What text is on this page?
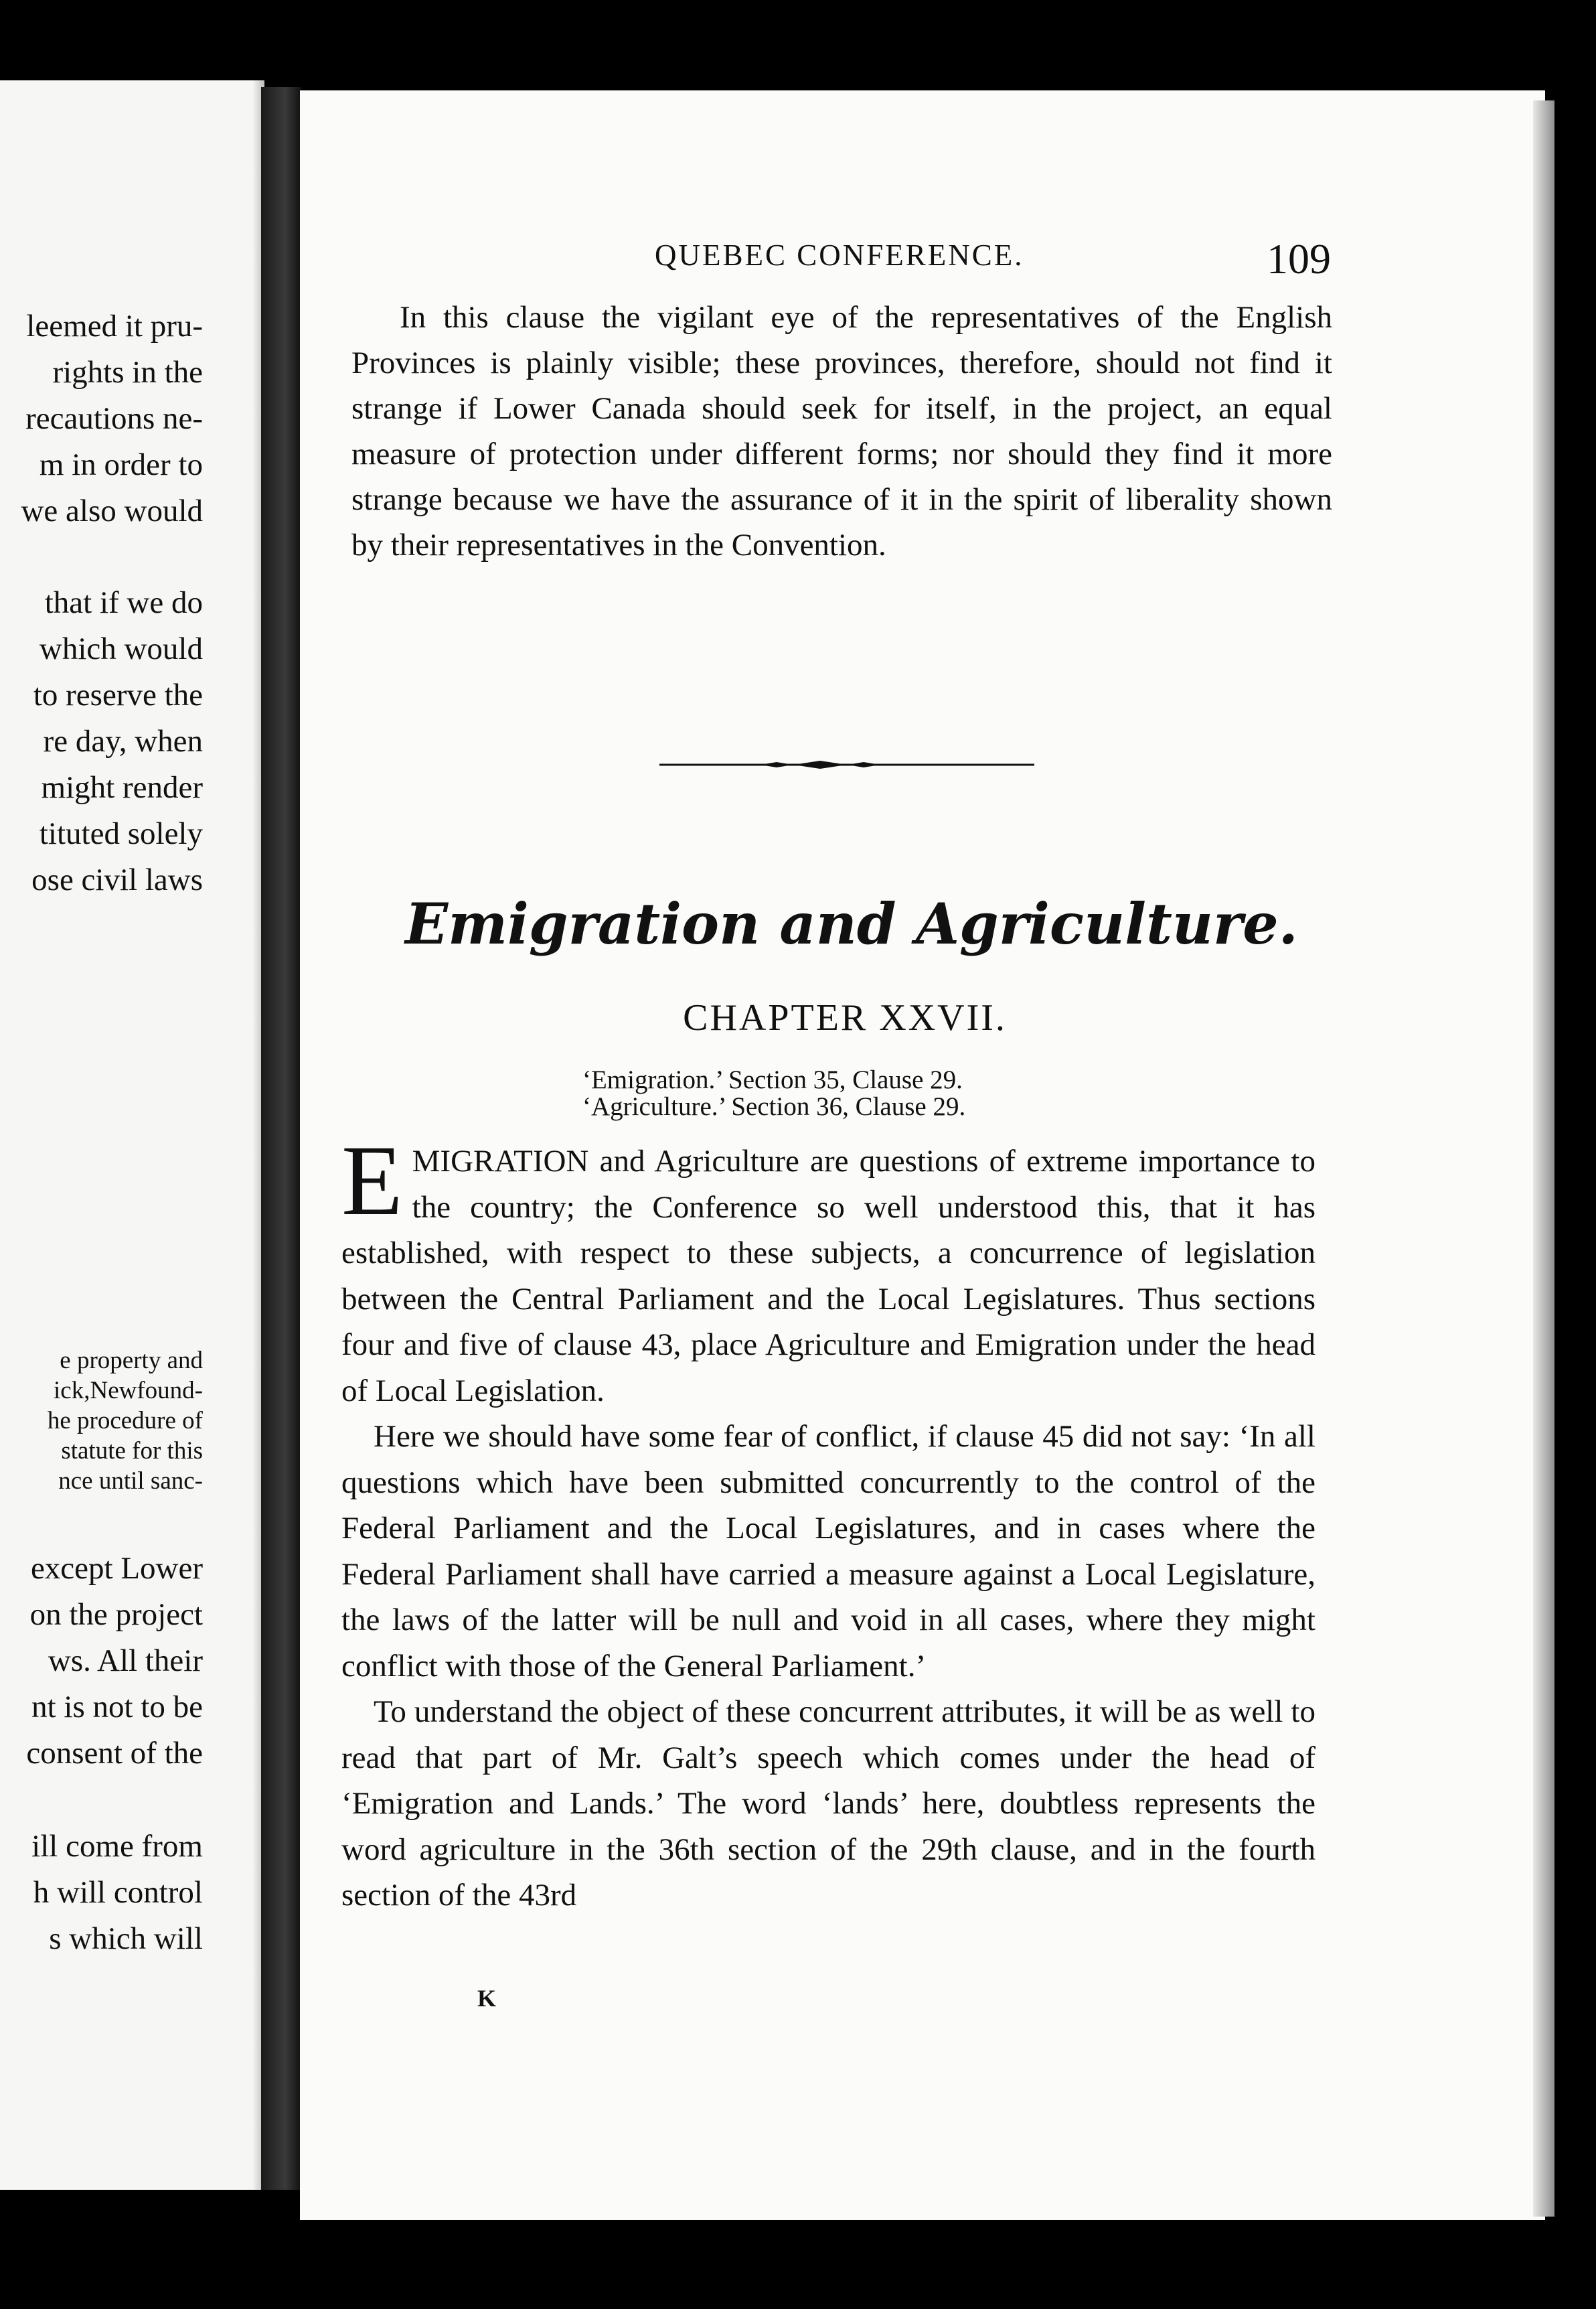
leemed it pru-
rights in the
recautions ne-
m in order to
we also would
that if we do
which would
to reserve the
re day, when
might render
tituted solely
ose civil laws
e property and
ick,Newfound-
he procedure of
statute for this
nce until sanc-
except Lower
on the project
ws. All their
nt is not to be
consent of the
ill come from
h will control
s which will
QUEBEC CONFERENCE.	109
In this clause the vigilant eye of the representatives of the English Provinces is plainly visible; these provinces, therefore, should not find it strange if Lower Canada should seek for itself, in the project, an equal measure of protection under different forms; nor should they find it more strange because we have the assurance of it in the spirit of liberality shown by their representatives in the Convention.
Emigration and Agriculture.
CHAPTER XXVII.
‘Emigration.’ Section 35, Clause 29.
‘Agriculture.’ Section 36, Clause 29.

EMIGRATION and Agriculture are questions of extreme importance to the country; the Conference so well understood this, that it has established, with respect to these subjects, a concurrence of legislation between the Central Parliament and the Local Legislatures. Thus sections four and five of clause 43, place Agriculture and Emigration under the head of Local Legislation.

Here we should have some fear of conflict, if clause 45 did not say: ‘In all questions which have been submitted concurrently to the control of the Federal Parliament and the Local Legislatures, and in cases where the Federal Parliament shall have carried a measure against a Local Legislature, the laws of the latter will be null and void in all cases, where they might conflict with those of the General Parliament.’

To understand the object of these concurrent attributes, it will be as well to read that part of Mr. Galt’s speech which comes under the head of ‘Emigration and Lands.’ The word ‘lands’ here, doubtless represents the word agriculture in the 36th section of the 29th clause, and in the fourth section of the 43rd

K
